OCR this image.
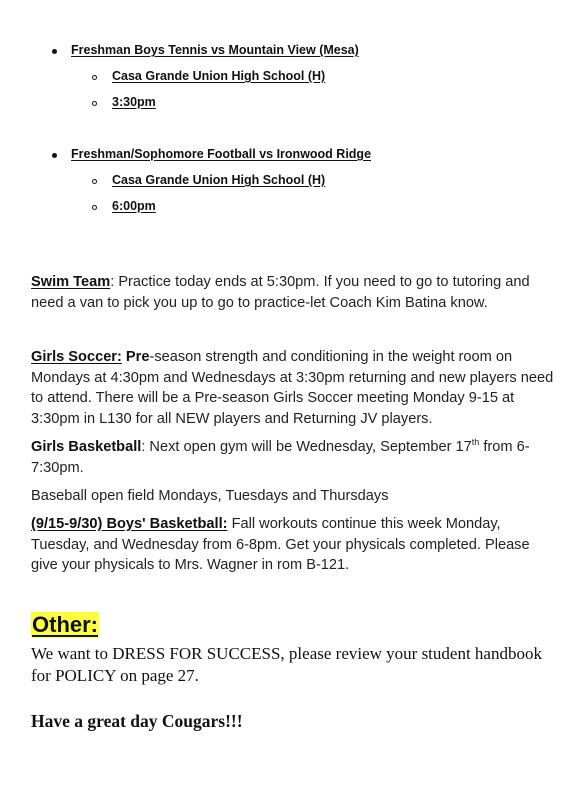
Freshman Boys Tennis vs Mountain View (Mesa)
Casa Grande Union High School (H)
3:30pm
Freshman/Sophomore Football vs Ironwood Ridge
Casa Grande Union High School (H)
6:00pm

Swim Team: Practice today ends at 5:30pm. If you need to go to tutoring and need a van to pick you up to go to practice-let Coach Kim Batina know.

Girls Soccer: Pre-season strength and conditioning in the weight room on Mondays at 4:30pm and Wednesdays at 3:30pm returning and new players need to attend. There will be a Pre-season Girls Soccer meeting Monday 9-15 at 3:30pm in L130 for all NEW players and Returning JV players.

Girls Basketball: Next open gym will be Wednesday, September 17th from 6-7:30pm.

Baseball open field Mondays, Tuesdays and Thursdays

(9/15-9/30) Boys' Basketball: Fall workouts continue this week Monday, Tuesday, and Wednesday from 6-8pm. Get your physicals completed. Please give your physicals to Mrs. Wagner in rom B-121.

Other:

We want to DRESS FOR SUCCESS, please review your student handbook for POLICY on page 27.

Have a great day Cougars!!!
